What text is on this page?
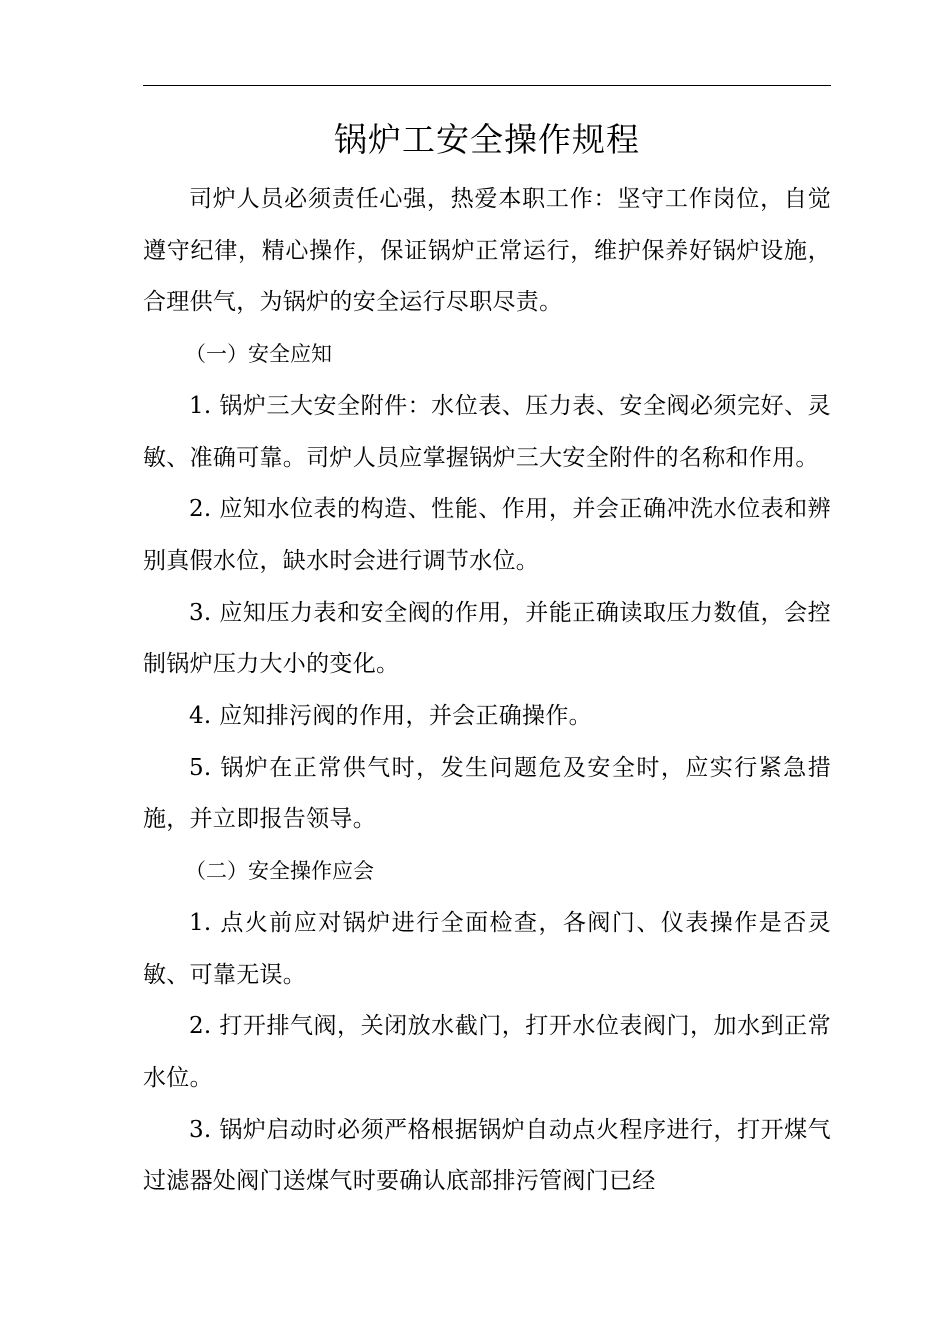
锅炉工安全操作规程

司炉人员必须责任心强，热爱本职工作：坚守工作岗位，自觉遵守纪律，精心操作，保证锅炉正常运行，维护保养好锅炉设施，合理供气，为锅炉的安全运行尽职尽责。

（一）安全应知

1. 锅炉三大安全附件：水位表、压力表、安全阀必须完好、灵敏、准确可靠。司炉人员应掌握锅炉三大安全附件的名称和作用。

2. 应知水位表的构造、性能、作用，并会正确冲洗水位表和辨别真假水位，缺水时会进行调节水位。

3. 应知压力表和安全阀的作用，并能正确读取压力数值，会控制锅炉压力大小的变化。

4. 应知排污阀的作用，并会正确操作。

5. 锅炉在正常供气时，发生问题危及安全时，应实行紧急措施，并立即报告领导。

（二）安全操作应会

1. 点火前应对锅炉进行全面检查，各阀门、仪表操作是否灵敏、可靠无误。

2. 打开排气阀，关闭放水截门，打开水位表阀门，加水到正常水位。

3. 锅炉启动时必须严格根据锅炉自动点火程序进行，打开煤气过滤器处阀门送煤气时要确认底部排污管阀门已经
